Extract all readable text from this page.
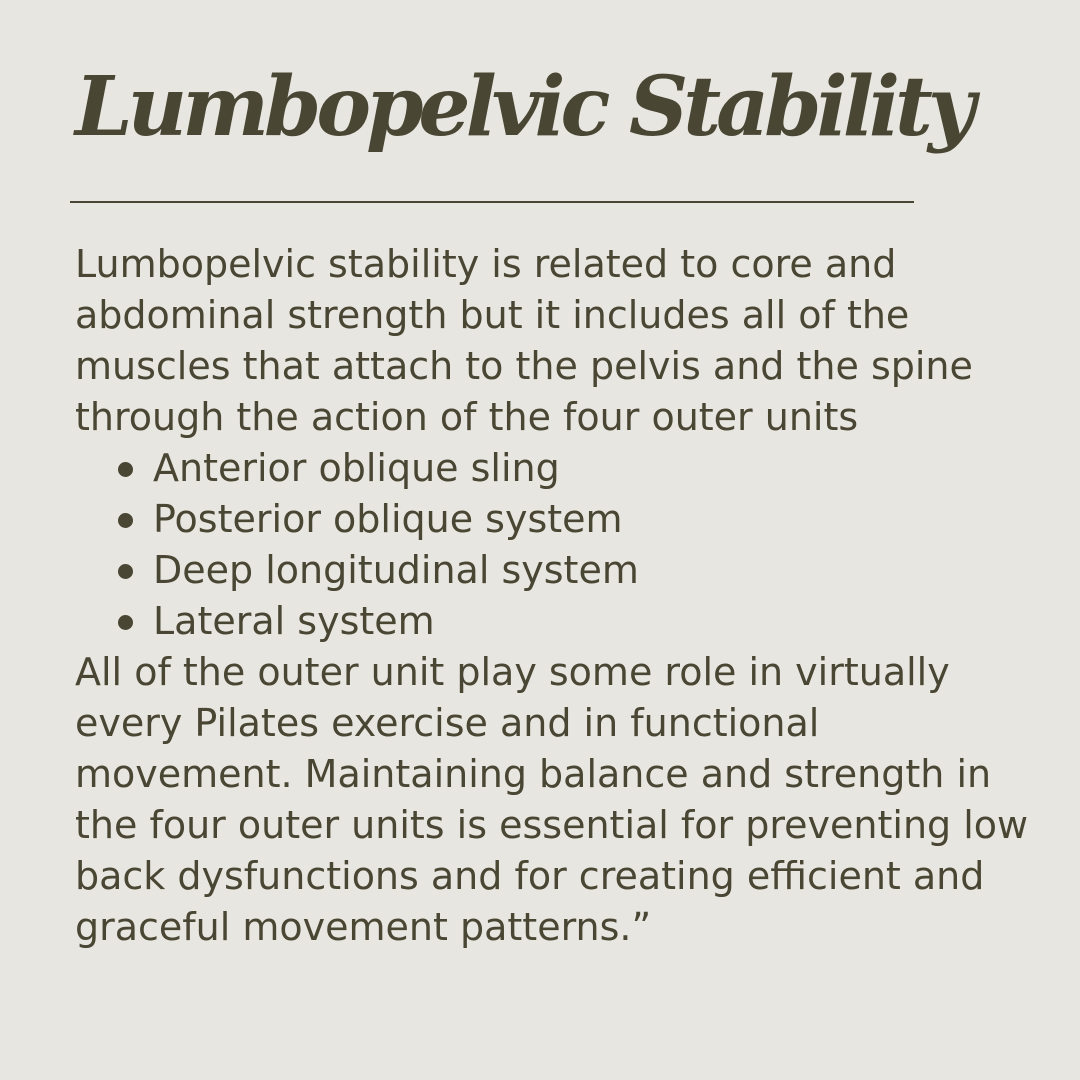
Lumbopelvic Stability

Lumbopelvic stability is related to core and abdominal strength but it includes all of the muscles that attach to the pelvis and the spine through the action of the four outer units

Anterior oblique sling
Posterior oblique system
Deep longitudinal system
Lateral system

All of the outer unit play some role in virtually every Pilates exercise and in functional movement. Maintaining balance and strength in the four outer units is essential for preventing low back dysfunctions and for creating efficient and graceful movement patterns.”
